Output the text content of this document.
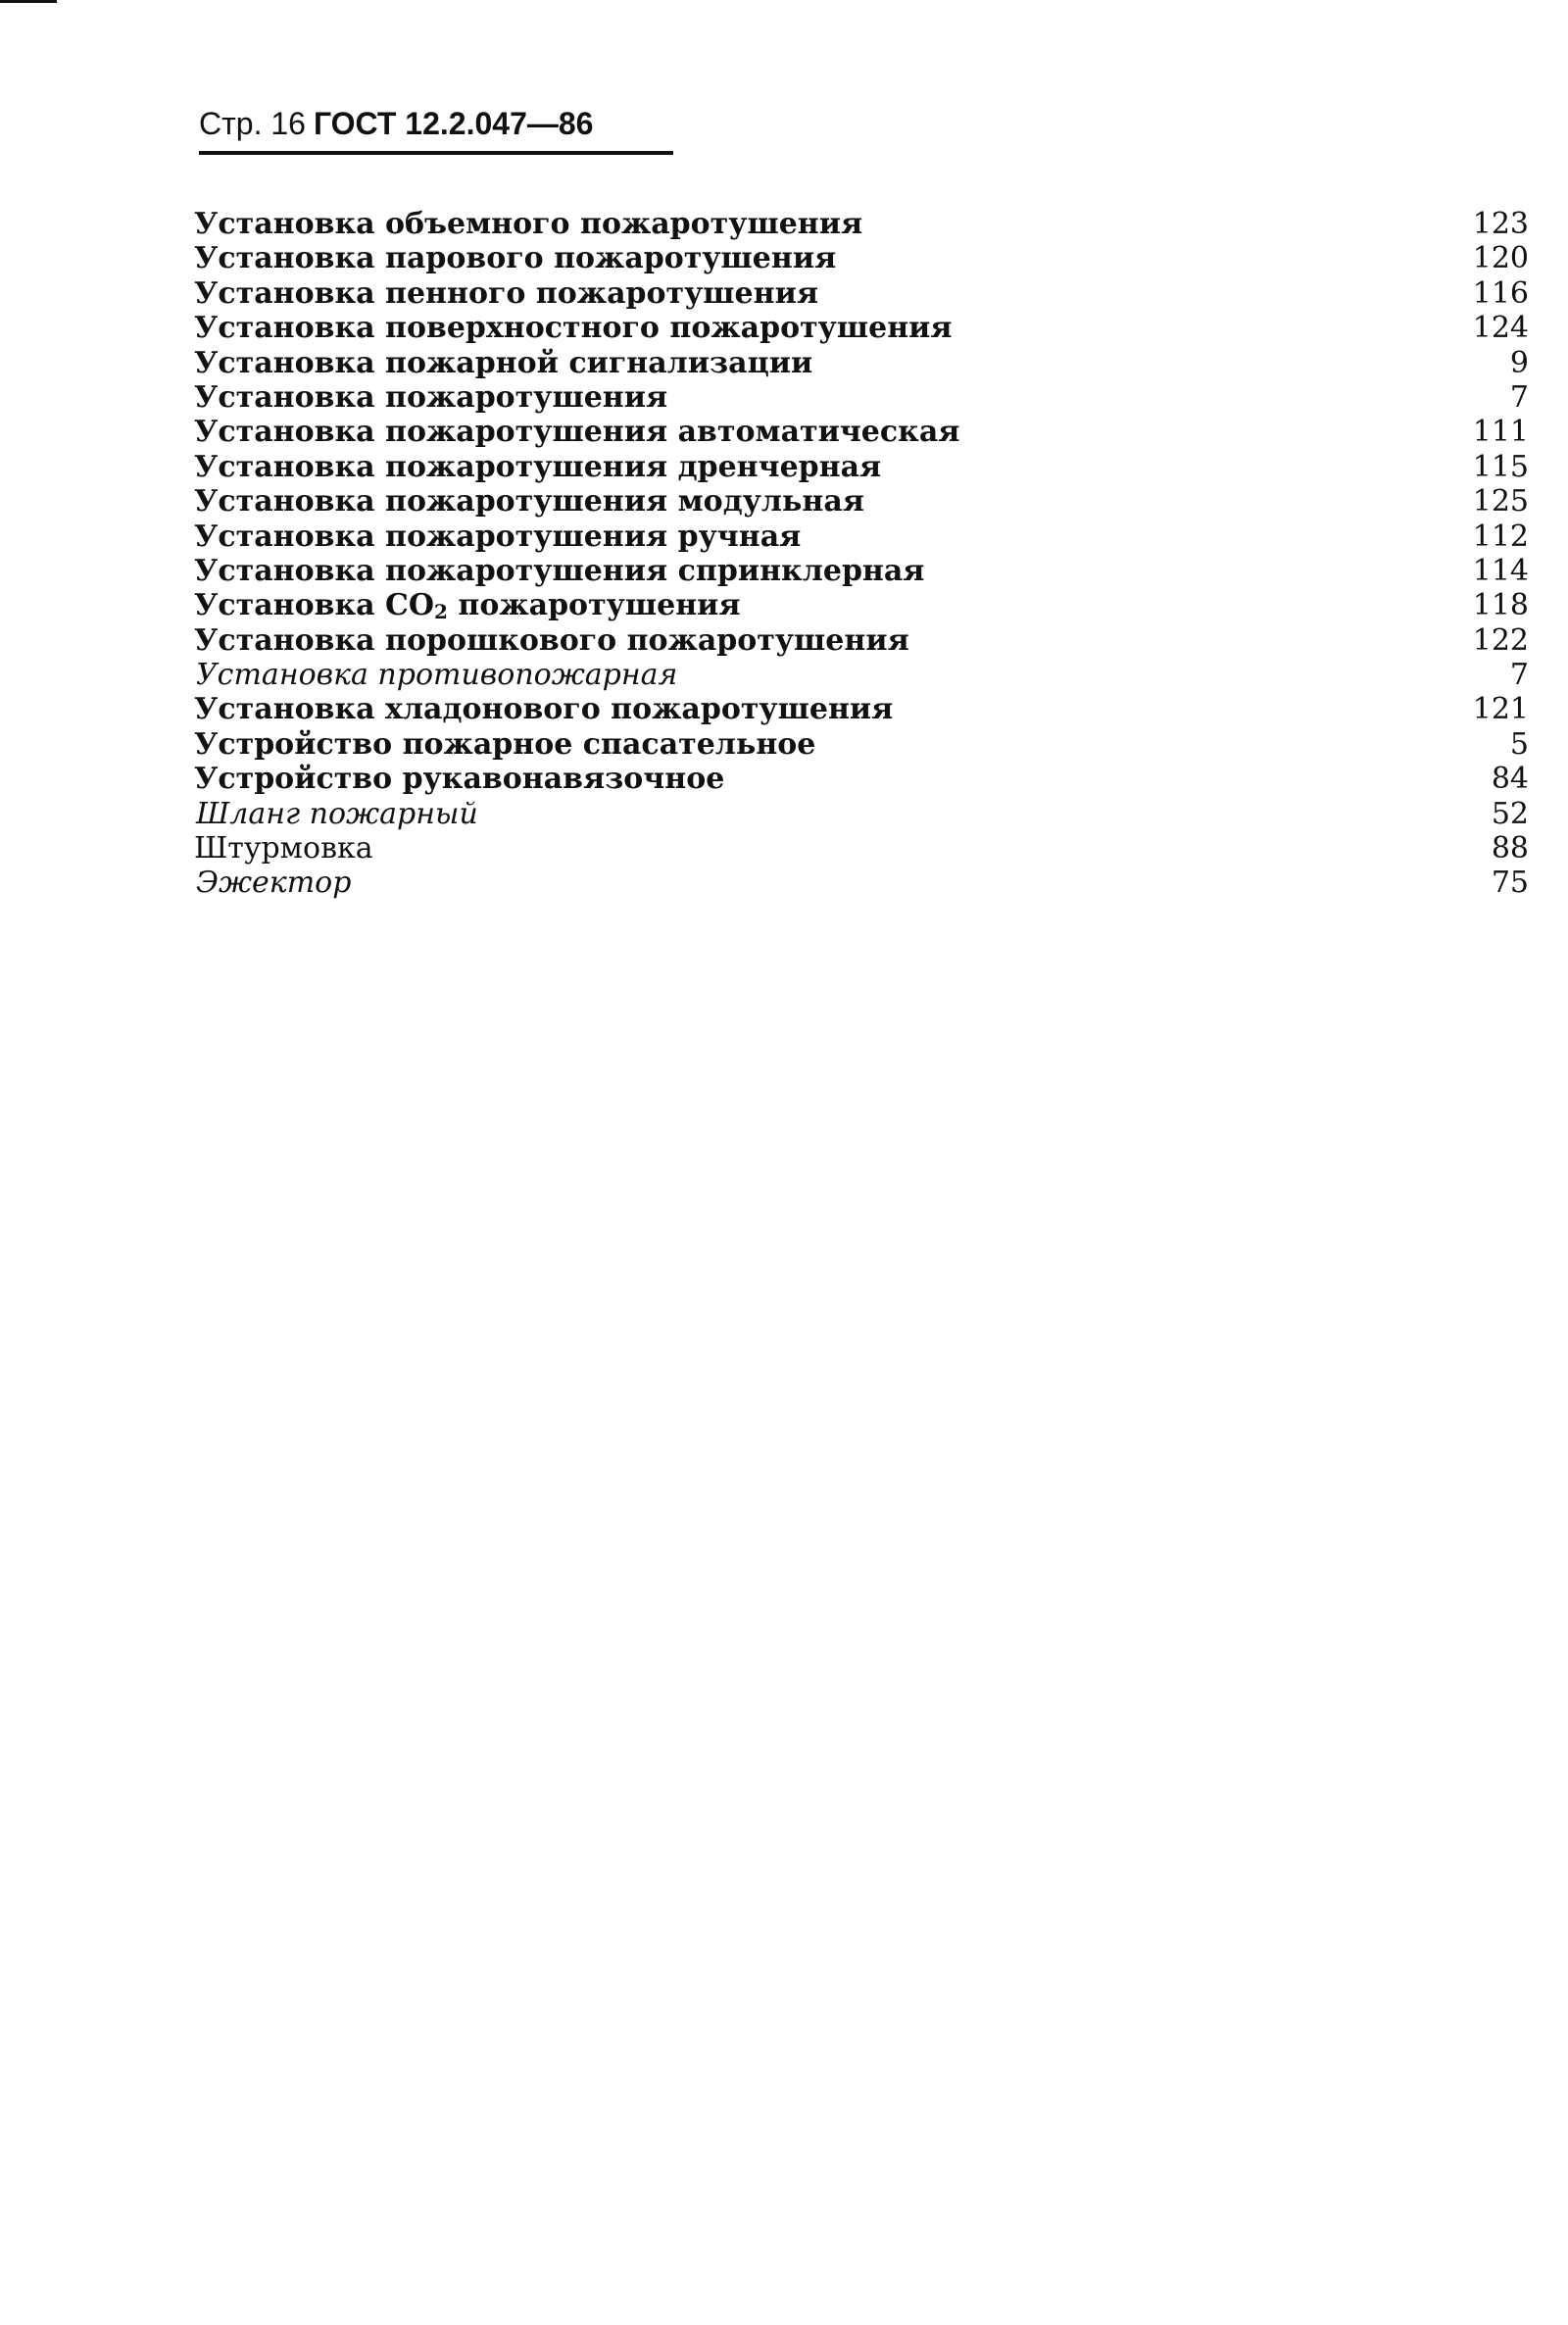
Стр. 16 ГОСТ 12.2.047—86
Установка объемного пожаротушения	123
Установка парового пожаротушения	120
Установка пенного пожаротушения	116
Установка поверхностного пожаротушения	124
Установка пожарной сигнализации	9
Установка пожаротушения	7
Установка пожаротушения автоматическая	111
Установка пожаротушения дренчерная	115
Установка пожаротушения модульная	125
Установка пожаротушения ручная	112
Установка пожаротушения спринклерная	114
Установка $СО_2$ пожаротушения	118
Установка порошкового пожаротушения	122
Установка противопожарная	7
Установка хладонового пожаротушения	121
Устройство пожарное спасательное	5
Устройство рукавонавязочное	84
Шланг пожарный	52
Штурмовка	88
Эжектор	75
